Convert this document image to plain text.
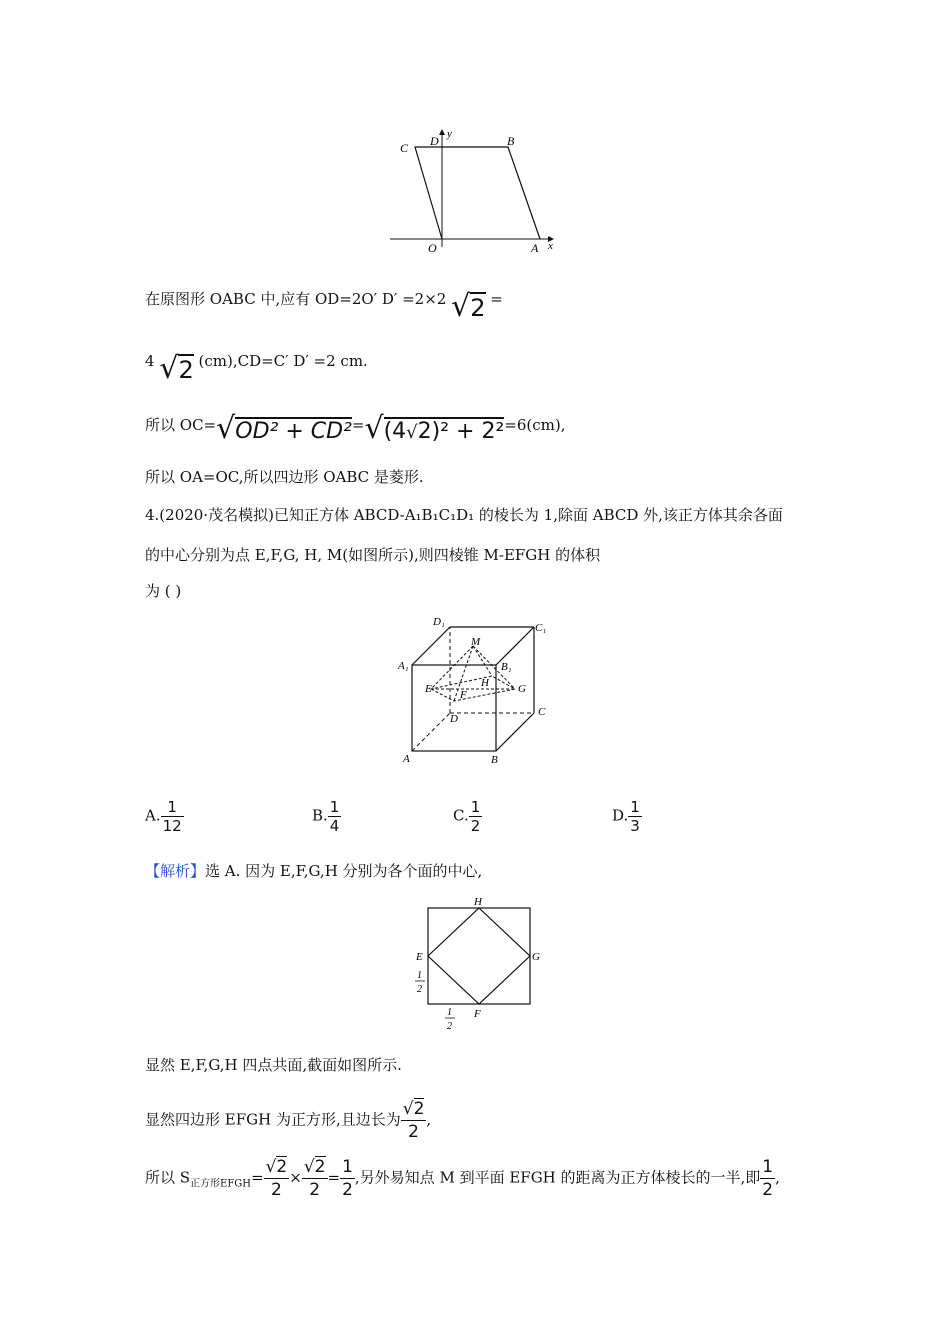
C D y	B
O	A x
在原图形 OABC 中,应有 OD=2O′ D′ =2×2 √2 =
4 √2 (cm),CD=C′ D′ =2 cm.
所以 OC=√OD² + CD²=√(4√2)² + 2²=6(cm),
所以 OA=OC,所以四边形 OABC 是菱形.
4.(2020·茂名模拟)已知正方体 ABCD-A₁B₁C₁D₁ 的棱长为 1,除面 ABCD 外,该正方体其余各面
的中心分别为点 E,F,G, H, M(如图所示),则四棱锥 M-EFGH 的体积
为 ( )
D₁	C₁
M
A₁	B₁
H
E	F	G
D
C
A	B
A. $\frac{1}{12}$	B. $\frac{1}{4}$	C. $\frac{1}{2}$	D. $\frac{1}{3}$
【解析】选 A. 因为 E,F,G,H 分别为各个面的中心,
H
E	G
F
1
2
1
2
显然 E,F,G,H 四点共面,截面如图所示.
显然四边形 EFGH 为正方形,且边长为 $\frac{√2}{2}$ ,
所以 $S_{正方形EFGH}= \frac{√2}{2} \times \frac{√2}{2} = \frac{1}{2}$ ,另外易知点 M 到平面 EFGH 的距离为正方体棱长的一半,即 $\frac{1}{2}$ ,
